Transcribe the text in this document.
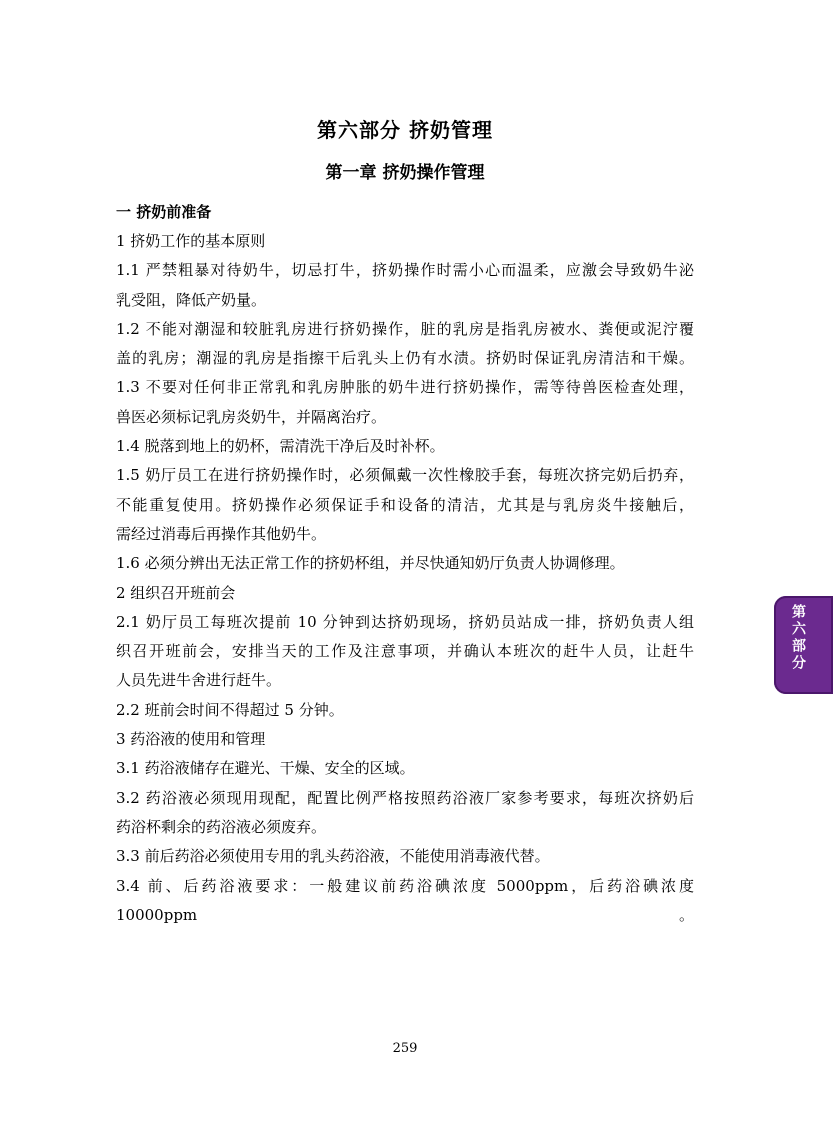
第六部分 挤奶管理
第一章 挤奶操作管理
一 挤奶前准备
1 挤奶工作的基本原则
1.1 严禁粗暴对待奶牛，切忌打牛，挤奶操作时需小心而温柔，应激会导致奶牛泌
乳受阻，降低产奶量。
1.2 不能对潮湿和较脏乳房进行挤奶操作，脏的乳房是指乳房被水、粪便或泥泞覆
盖的乳房；潮湿的乳房是指擦干后乳头上仍有水渍。挤奶时保证乳房清洁和干燥。
1.3 不要对任何非正常乳和乳房肿胀的奶牛进行挤奶操作，需等待兽医检查处理，
兽医必须标记乳房炎奶牛，并隔离治疗。
1.4 脱落到地上的奶杯，需清洗干净后及时补杯。
1.5 奶厅员工在进行挤奶操作时，必须佩戴一次性橡胶手套，每班次挤完奶后扔弃，
不能重复使用。挤奶操作必须保证手和设备的清洁，尤其是与乳房炎牛接触后，
需经过消毒后再操作其他奶牛。
1.6 必须分辨出无法正常工作的挤奶杯组，并尽快通知奶厅负责人协调修理。
2 组织召开班前会
2.1 奶厅员工每班次提前 10 分钟到达挤奶现场，挤奶员站成一排，挤奶负责人组
织召开班前会，安排当天的工作及注意事项，并确认本班次的赶牛人员，让赶牛
人员先进牛舍进行赶牛。
2.2 班前会时间不得超过 5 分钟。
3 药浴液的使用和管理
3.1 药浴液储存在避光、干燥、安全的区域。
3.2 药浴液必须现用现配，配置比例严格按照药浴液厂家参考要求，每班次挤奶后
药浴杯剩余的药浴液必须废弃。
3.3 前后药浴必须使用专用的乳头药浴液，不能使用消毒液代替。
3.4 前、后药浴液要求：一般建议前药浴碘浓度 5000ppm，后药浴碘浓度 10000ppm。
第六部分
259
